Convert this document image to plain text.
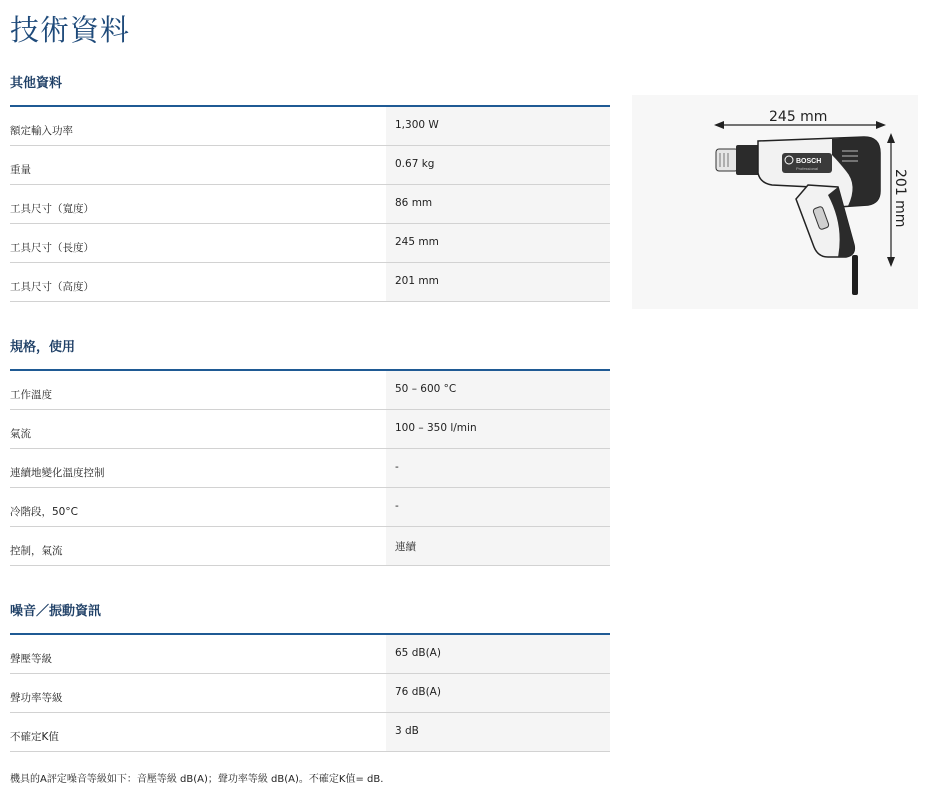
技術資料
其他資料
額定輸入功率	1,300 W
重量	0.67 kg
工具尺寸（寬度）	86 mm
工具尺寸（長度）	245 mm
工具尺寸（高度）	201 mm
規格，使用
工作溫度	50 – 600 °C
氣流	100 – 350 l/min
連續地變化溫度控制	-
冷階段，50°C	-
控制，氣流	連續
噪音／振動資訊
聲壓等級	65 dB(A)
聲功率等級	76 dB(A)
不確定K值	3 dB

機具的A評定噪音等級如下：音壓等級 dB(A)；聲功率等級 dB(A)。不確定K值= dB.

245 mm
201 mm
BOSCH
Professional
